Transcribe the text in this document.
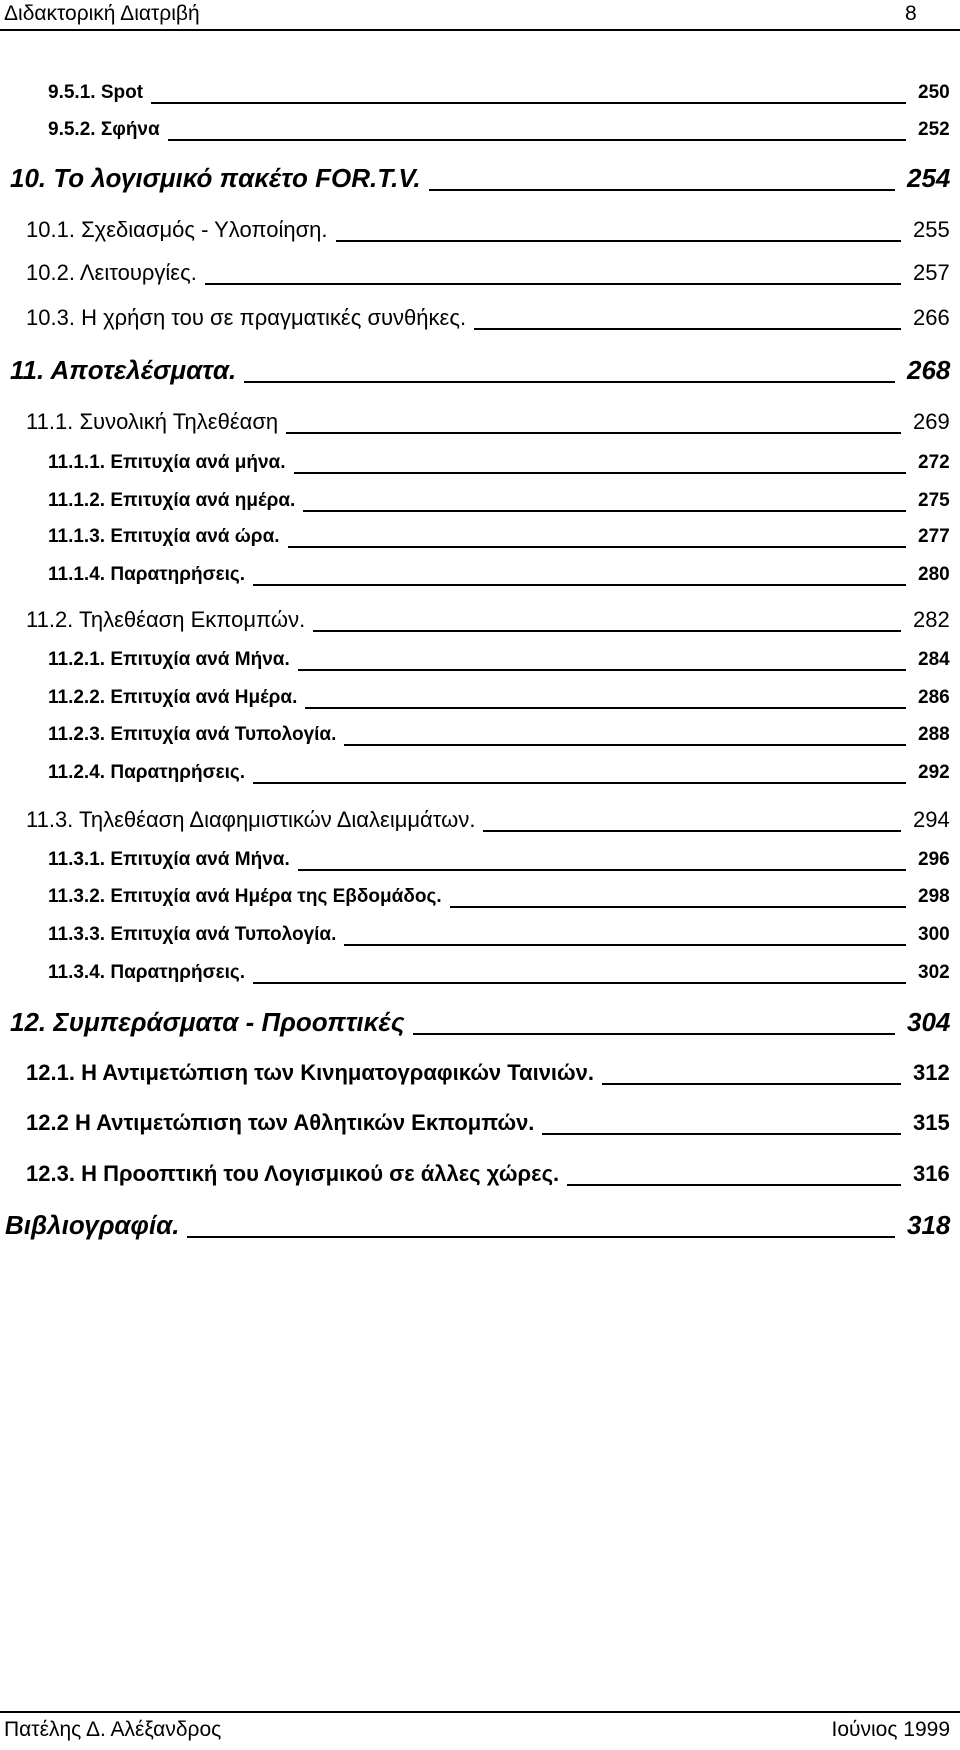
Διδακτορική Διατριβή	8
9.5.1. Spot	250
9.5.2. Σφήνα	252
10. Το λογισμικό πακέτο FOR.T.V.	254
10.1. Σχεδιασμός - Υλοποίηση.	255
10.2. Λειτουργίες.	257
10.3. Η χρήση του σε πραγματικές συνθήκες.	266
11. Αποτελέσματα.	268
11.1. Συνολική Τηλεθέαση	269
11.1.1. Επιτυχία ανά μήνα.	272
11.1.2. Επιτυχία ανά ημέρα.	275
11.1.3. Επιτυχία ανά ώρα.	277
11.1.4. Παρατηρήσεις.	280
11.2. Τηλεθέαση Εκπομπών.	282
11.2.1. Επιτυχία ανά Μήνα.	284
11.2.2. Επιτυχία ανά Ημέρα.	286
11.2.3. Επιτυχία ανά Τυπολογία.	288
11.2.4. Παρατηρήσεις.	292
11.3. Τηλεθέαση Διαφημιστικών Διαλειμμάτων.	294
11.3.1. Επιτυχία ανά Μήνα.	296
11.3.2. Επιτυχία ανά Ημέρα της Εβδομάδος.	298
11.3.3. Επιτυχία ανά Τυπολογία.	300
11.3.4. Παρατηρήσεις.	302
12. Συμπεράσματα - Προοπτικές	304
12.1. Η Αντιμετώπιση των Κινηματογραφικών Ταινιών.	312
12.2 Η Αντιμετώπιση των Αθλητικών Εκπομπών.	315
12.3. Η Προοπτική του Λογισμικού σε άλλες χώρες.	316
Βιβλιογραφία.	318
Πατέλης Δ. Αλέξανδρος	Ιούνιος 1999
